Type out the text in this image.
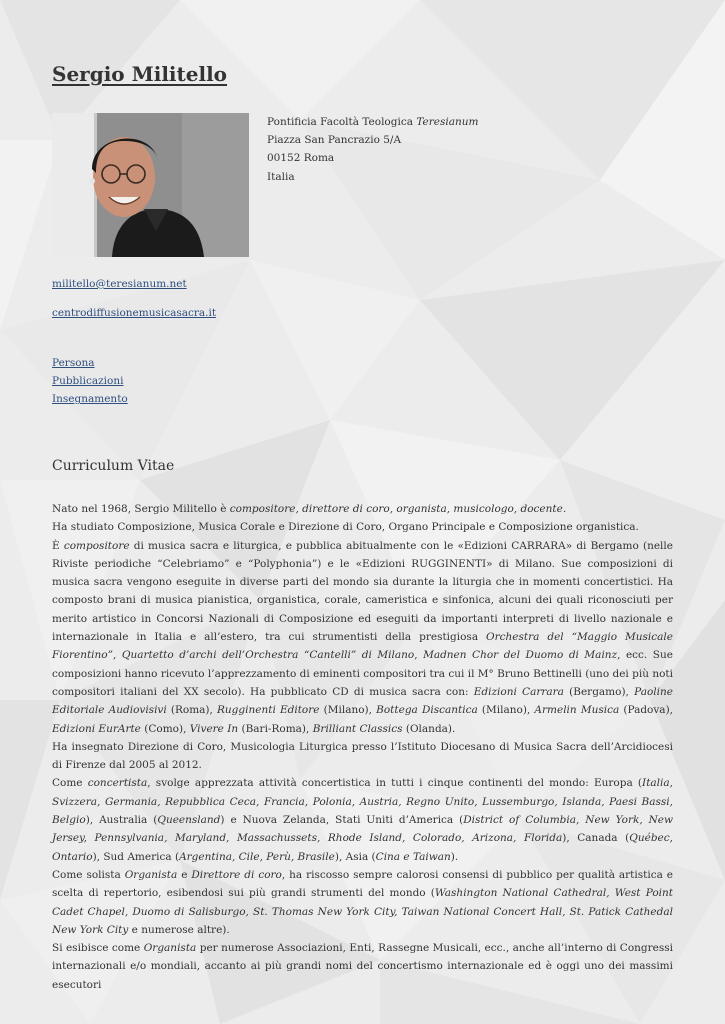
Sergio Militello
Pontificia Facoltà Teologica Teresianum
Piazza San Pancrazio 5/A
00152 Roma
Italia
militello@teresianum.net
centrodiffusionemusicasacra.it
Persona
Pubblicazioni
Insegnamento
Curriculum Vitae

Nato nel 1968, Sergio Militello è compositore, direttore di coro, organista, musicologo, docente.

Ha studiato Composizione, Musica Corale e Direzione di Coro, Organo Principale e Composizione organistica.

È compositore di musica sacra e liturgica, e pubblica abitualmente con le «Edizioni CARRARA» di Bergamo (nelle Riviste periodiche “Celebriamo” e “Polyphonia”) e le «Edizioni RUGGINENTI» di Milano. Sue composizioni di musica sacra vengono eseguite in diverse parti del mondo sia durante la liturgia che in momenti concertistici. Ha composto brani di musica pianistica, organistica, corale, cameristica e sinfonica, alcuni dei quali riconosciuti per merito artistico in Concorsi Nazionali di Composizione ed eseguiti da importanti interpreti di livello nazionale e internazionale in Italia e all’estero, tra cui strumentisti della prestigiosa Orchestra del “Maggio Musicale Fiorentino”, Quartetto d’archi dell’Orchestra “Cantelli” di Milano, Madnen Chor del Duomo di Mainz, ecc. Sue composizioni hanno ricevuto l’apprezzamento di eminenti compositori tra cui il M° Bruno Bettinelli (uno dei più noti compositori italiani del XX secolo). Ha pubblicato CD di musica sacra con: Edizioni Carrara (Bergamo), Paoline Editoriale Audiovisivi (Roma), Rugginenti Editore (Milano), Bottega Discantica (Milano), Armelin Musica (Padova), Edizioni EurArte (Como), Vivere In (Bari-Roma), Brilliant Classics (Olanda).

Ha insegnato Direzione di Coro, Musicologia Liturgica presso l’Istituto Diocesano di Musica Sacra dell’Arcidiocesi di Firenze dal 2005 al 2012.

Come concertista, svolge apprezzata attività concertistica in tutti i cinque continenti del mondo: Europa (Italia, Svizzera, Germania, Repubblica Ceca, Francia, Polonia, Austria, Regno Unito, Lussemburgo, Islanda, Paesi Bassi, Belgio), Australia (Queensland) e Nuova Zelanda, Stati Uniti d’America (District of Columbia, New York, New Jersey, Pennsylvania, Maryland, Massachussets, Rhode Island, Colorado, Arizona, Florida), Canada (Québec, Ontario), Sud America (Argentina, Cile, Perù, Brasile), Asia (Cina e Taiwan).

Come solista Organista e Direttore di coro, ha riscosso sempre calorosi consensi di pubblico per qualità artistica e scelta di repertorio, esibendosi sui più grandi strumenti del mondo (Washington National Cathedral, West Point Cadet Chapel, Duomo di Salisburgo, St. Thomas New York City, Taiwan National Concert Hall, St. Patick Cathedal New York City e numerose altre).

Si esibisce come Organista per numerose Associazioni, Enti, Rassegne Musicali, ecc., anche all’interno di Congressi internazionali e/o mondiali, accanto ai più grandi nomi del concertismo internazionale ed è oggi uno dei massimi esecutori
